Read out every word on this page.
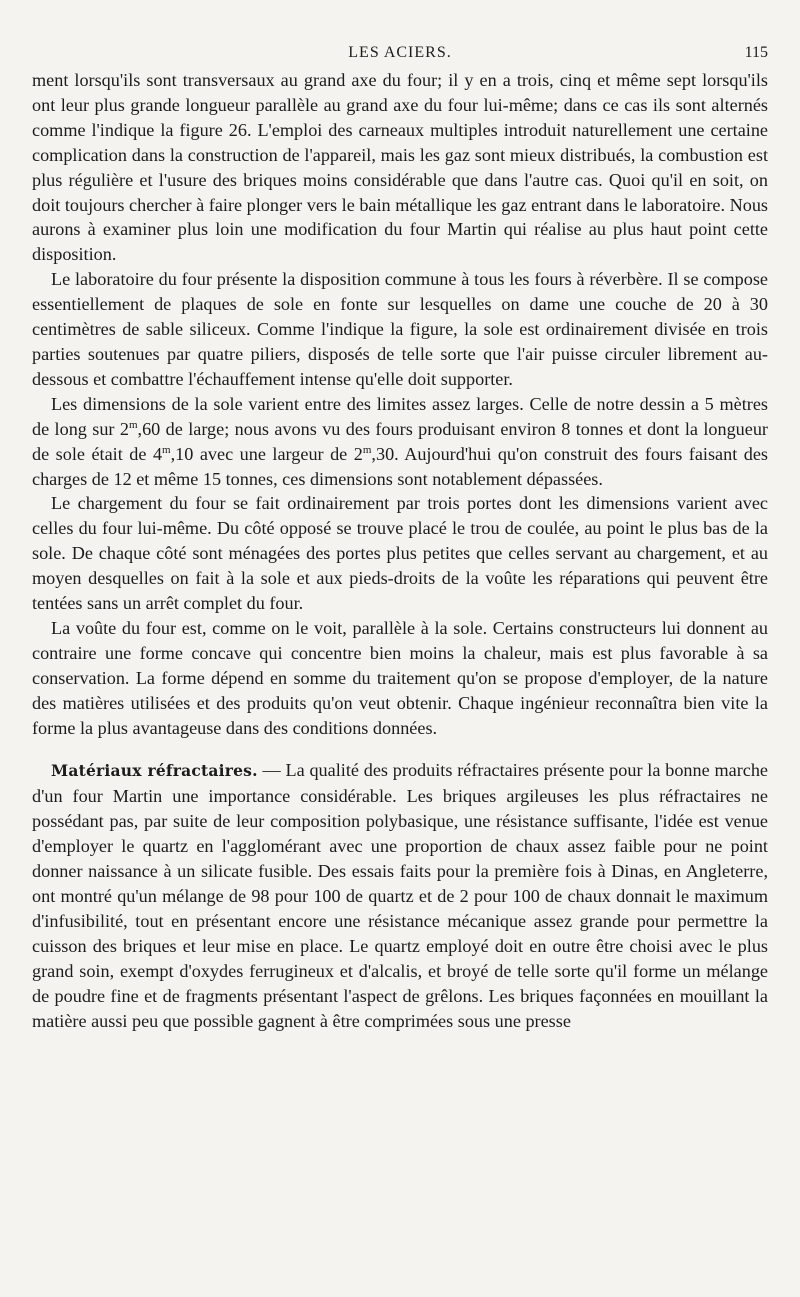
LES ACIERS.	115

ment lorsqu'ils sont transversaux au grand axe du four; il y en a trois, cinq et même sept lorsqu'ils ont leur plus grande longueur parallèle au grand axe du four lui-même; dans ce cas ils sont alternés comme l'indique la figure 26. L'emploi des carneaux multiples introduit naturellement une certaine complication dans la construction de l'appareil, mais les gaz sont mieux distribués, la combustion est plus régulière et l'usure des briques moins considérable que dans l'autre cas. Quoi qu'il en soit, on doit toujours chercher à faire plonger vers le bain métallique les gaz entrant dans le laboratoire. Nous aurons à examiner plus loin une modification du four Martin qui réalise au plus haut point cette disposition.

Le laboratoire du four présente la disposition commune à tous les fours à réverbère. Il se compose essentiellement de plaques de sole en fonte sur lesquelles on dame une couche de 20 à 30 centimètres de sable siliceux. Comme l'indique la figure, la sole est ordinairement divisée en trois parties soutenues par quatre piliers, disposés de telle sorte que l'air puisse circuler librement au-dessous et combattre l'échauffement intense qu'elle doit supporter.

Les dimensions de la sole varient entre des limites assez larges. Celle de notre dessin a 5 mètres de long sur 2$^m$,60 de large; nous avons vu des fours produisant environ 8 tonnes et dont la longueur de sole était de 4$^m$,10 avec une largeur de 2$^m$,30. Aujourd'hui qu'on construit des fours faisant des charges de 12 et même 15 tonnes, ces dimensions sont notablement dépassées.

Le chargement du four se fait ordinairement par trois portes dont les dimensions varient avec celles du four lui-même. Du côté opposé se trouve placé le trou de coulée, au point le plus bas de la sole. De chaque côté sont ménagées des portes plus petites que celles servant au chargement, et au moyen desquelles on fait à la sole et aux pieds-droits de la voûte les réparations qui peuvent être tentées sans un arrêt complet du four.

La voûte du four est, comme on le voit, parallèle à la sole. Certains constructeurs lui donnent au contraire une forme concave qui concentre bien moins la chaleur, mais est plus favorable à sa conservation. La forme dépend en somme du traitement qu'on se propose d'employer, de la nature des matières utilisées et des produits qu'on veut obtenir. Chaque ingénieur reconnaîtra bien vite la forme la plus avantageuse dans des conditions données.

Matériaux réfractaires. — La qualité des produits réfractaires présente pour la bonne marche d'un four Martin une importance considérable. Les briques argileuses les plus réfractaires ne possédant pas, par suite de leur composition polybasique, une résistance suffisante, l'idée est venue d'employer le quartz en l'agglomérant avec une proportion de chaux assez faible pour ne point donner naissance à un silicate fusible. Des essais faits pour la première fois à Dinas, en Angleterre, ont montré qu'un mélange de 98 pour 100 de quartz et de 2 pour 100 de chaux donnait le maximum d'infusibilité, tout en présentant encore une résistance mécanique assez grande pour permettre la cuisson des briques et leur mise en place. Le quartz employé doit en outre être choisi avec le plus grand soin, exempt d'oxydes ferrugineux et d'alcalis, et broyé de telle sorte qu'il forme un mélange de poudre fine et de fragments présentant l'aspect de grêlons. Les briques façonnées en mouillant la matière aussi peu que possible gagnent à être comprimées sous une presse
